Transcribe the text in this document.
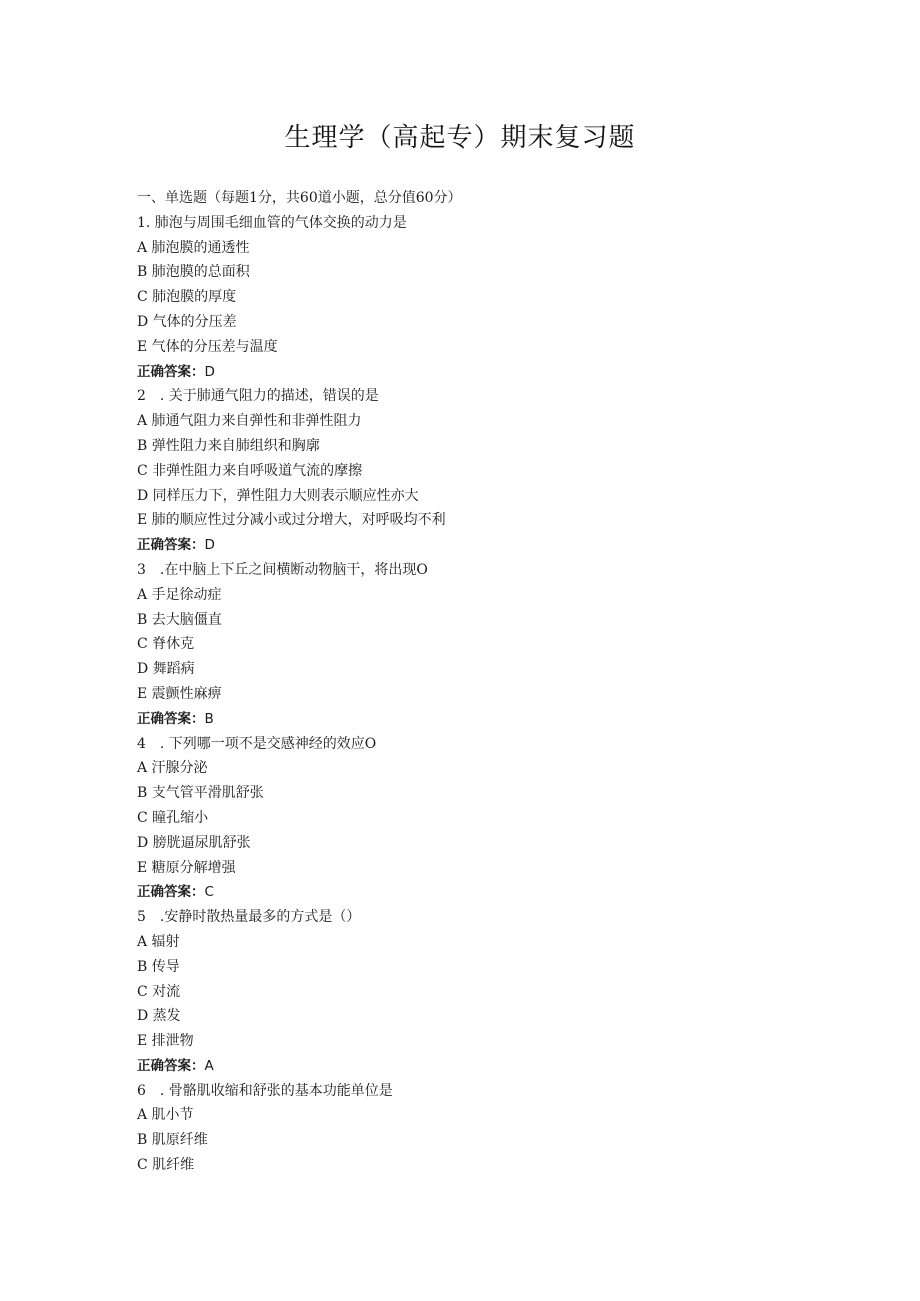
生理学（高起专）期末复习题
一、单选题（每题1分，共60道小题，总分值60分）
1. 肺泡与周围毛细血管的气体交换的动力是
A 肺泡膜的通透性
B 肺泡膜的总面积
C 肺泡膜的厚度
D 气体的分压差
E 气体的分压差与温度
正确答案：D
2　. 关于肺通气阻力的描述，错误的是
A 肺通气阻力来自弹性和非弹性阻力
B 弹性阻力来自肺组织和胸廓
C 非弹性阻力来自呼吸道气流的摩擦
D 同样压力下，弹性阻力大则表示顺应性亦大
E 肺的顺应性过分减小或过分增大，对呼吸均不利
正确答案：D
3　.在中脑上下丘之间横断动物脑干，将出现O
A 手足徐动症
B 去大脑僵直
C 脊休克
D 舞蹈病
E 震颤性麻痹
正确答案：B
4　. 下列哪一项不是交感神经的效应O
A 汗腺分泌
B 支气管平滑肌舒张
C 瞳孔缩小
D 膀胱逼尿肌舒张
E 糖原分解增强
正确答案：C
5　.安静时散热量最多的方式是（）
A 辐射
B 传导
C 对流
D 蒸发
E 排泄物
正确答案：A
6　. 骨骼肌收缩和舒张的基本功能单位是
A 肌小节
B 肌原纤维
C 肌纤维
